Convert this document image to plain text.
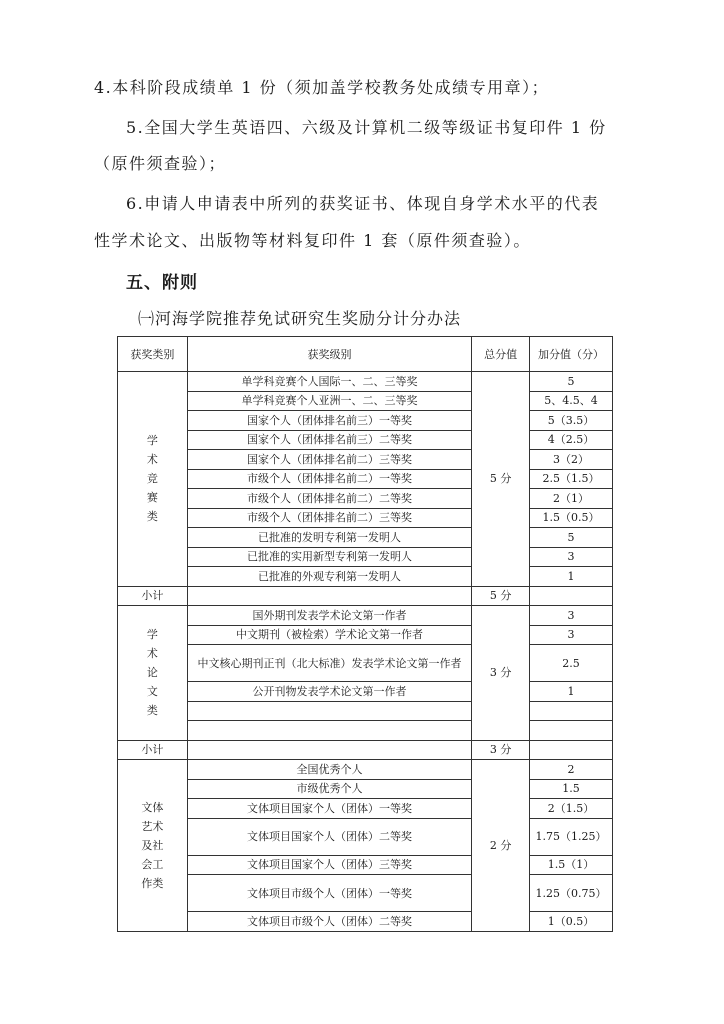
4.本科阶段成绩单 1 份（须加盖学校教务处成绩专用章）；
5.全国大学生英语四、六级及计算机二级等级证书复印件 1 份
（原件须查验）；
6.申请人申请表中所列的获奖证书、体现自身学术水平的代表
性学术论文、出版物等材料复印件 1 套（原件须查验）。
五、附则
㈠河海学院推荐免试研究生奖励分计分办法
获奖类别	获奖级别	总分值	加分值（分）

学
术
竞
赛
类	单学科竞赛个人国际一、二、三等奖	5 分	5
	单学科竞赛个人亚洲一、二、三等奖		5、4.5、4
	国家个人（团体排名前三）一等奖		5（3.5）
	国家个人（团体排名前三）二等奖		4（2.5）
	国家个人（团体排名前二）三等奖		3（2）
	市级个人（团体排名前二）一等奖		2.5（1.5）
	市级个人（团体排名前二）二等奖		2（1）
	市级个人（团体排名前二）三等奖		1.5（0.5）
	已批准的发明专利第一发明人		5
	已批准的实用新型专利第一发明人		3
	已批准的外观专利第一发明人		1
小计		5 分	

学
术
论
文
类	国外期刊发表学术论文第一作者	3 分	3
	中文期刊（被检索）学术论文第一作者		3
	中文核心期刊正刊（北大标准）发表学术论文第一作者		2.5
	公开刊物发表学术论文第一作者		1

小计		3 分	

文体
艺术
及社
会工
作类	全国优秀个人	2 分	2
	市级优秀个人		1.5
	文体项目国家个人（团体）一等奖		2（1.5）
	文体项目国家个人（团体）二等奖		1.75（1.25）
	文体项目国家个人（团体）三等奖		1.5（1）
	文体项目市级个人（团体）一等奖		1.25（0.75）
	文体项目市级个人（团体）二等奖		1（0.5）
